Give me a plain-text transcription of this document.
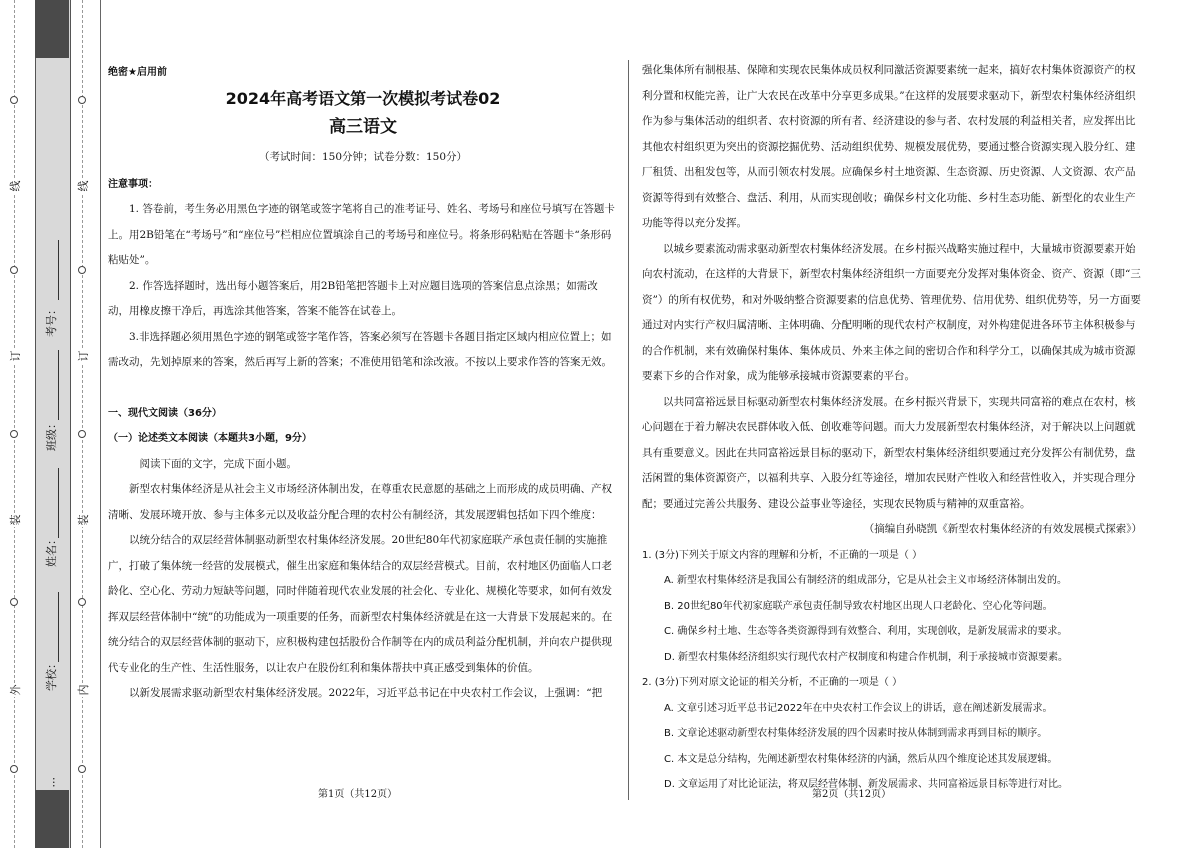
线
订
装
外
线
订
装
内
考号：
班级：
姓名：
学校：
...

绝密★启用前

2024年高考语文第一次模拟考试卷02

高三语文

（考试时间：150分钟；试卷分数：150分）

注意事项：

1. 答卷前，考生务必用黑色字迹的钢笔或签字笔将自己的准考证号、姓名、考场号和座位号填写在答题卡上。用2B铅笔在“考场号”和“座位号”栏相应位置填涂自己的考场号和座位号。将条形码粘贴在答题卡“条形码粘贴处”。

2. 作答选择题时，选出每小题答案后，用2B铅笔把答题卡上对应题目选项的答案信息点涂黑；如需改动，用橡皮擦干净后，再选涂其他答案，答案不能答在试卷上。

3.非选择题必须用黑色字迹的钢笔或签字笔作答，答案必须写在答题卡各题目指定区域内相应位置上；如需改动，先划掉原来的答案，然后再写上新的答案；不准使用铅笔和涂改液。不按以上要求作答的答案无效。

一、现代文阅读（36分）

（一）论述类文本阅读（本题共3小题，9分）

阅读下面的文字，完成下面小题。

新型农村集体经济是从社会主义市场经济体制出发，在尊重农民意愿的基础之上而形成的成员明确、产权清晰、发展环境开放、参与主体多元以及收益分配合理的农村公有制经济，其发展逻辑包括如下四个维度：

以统分结合的双层经营体制驱动新型农村集体经济发展。20世纪80年代初家庭联产承包责任制的实施推广，打破了集体统一经营的发展模式，催生出家庭和集体结合的双层经营模式。目前，农村地区仍面临人口老龄化、空心化、劳动力短缺等问题，同时伴随着现代农业发展的社会化、专业化、规模化等要求，如何有效发挥双层经营体制中“统”的功能成为一项重要的任务，而新型农村集体经济就是在这一大背景下发展起来的。在统分结合的双层经营体制的驱动下，应积极构建包括股份合作制等在内的成员利益分配机制，并向农户提供现代专业化的生产性、生活性服务，以让农户在股份红利和集体帮扶中真正感受到集体的价值。

以新发展需求驱动新型农村集体经济发展。2022年，习近平总书记在中央农村工作会议，上强调：“把

强化集体所有制根基、保障和实现农民集体成员权利同激活资源要素统一起来，搞好农村集体资源资产的权利分置和权能完善，让广大农民在改革中分享更多成果。”在这样的发展要求驱动下，新型农村集体经济组织作为参与集体活动的组织者、农村资源的所有者、经济建设的参与者、农村发展的利益相关者，应发挥出比其他农村组织更为突出的资源挖掘优势、活动组织优势、规模发展优势，要通过整合资源实现入股分红、建厂租赁、出租发包等，从而引领农村发展。应确保乡村土地资源、生态资源、历史资源、人文资源、农产品资源等得到有效整合、盘活、利用，从而实现创收；确保乡村文化功能、乡村生态功能、新型化的农业生产功能等得以充分发挥。

以城乡要素流动需求驱动新型农村集体经济发展。在乡村振兴战略实施过程中，大量城市资源要素开始向农村流动，在这样的大背景下，新型农村集体经济组织一方面要充分发挥对集体资金、资产、资源（即“三资”）的所有权优势，和对外吸纳整合资源要素的信息优势、管理优势、信用优势、组织优势等，另一方面要通过对内实行产权归属清晰、主体明确、分配明晰的现代农村产权制度，对外构建促进各环节主体积极参与的合作机制，来有效确保村集体、集体成员、外来主体之间的密切合作和科学分工，以确保其成为城市资源要素下乡的合作对象，成为能够承接城市资源要素的平台。

以共同富裕远景目标驱动新型农村集体经济发展。在乡村振兴背景下，实现共同富裕的难点在农村，核心问题在于着力解决农民群体收入低、创收难等问题。而大力发展新型农村集体经济，对于解决以上问题就具有重要意义。因此在共同富裕远景目标的驱动下，新型农村集体经济组织要通过充分发挥公有制优势，盘活闲置的集体资源资产，以福利共享、入股分红等途径，增加农民财产性收入和经营性收入，并实现合理分配；要通过完善公共服务、建设公益事业等途径，实现农民物质与精神的双重富裕。

（摘编自孙晓凯《新型农村集体经济的有效发展模式探索》）

1. (3分)下列关于原文内容的理解和分析，不正确的一项是（ ）

A. 新型农村集体经济是我国公有制经济的组成部分，它是从社会主义市场经济体制出发的。

B. 20世纪80年代初家庭联产承包责任制导致农村地区出现人口老龄化、空心化等问题。

C. 确保乡村土地、生态等各类资源得到有效整合、利用，实现创收，是新发展需求的要求。

D. 新型农村集体经济组织实行现代农村产权制度和构建合作机制，利于承接城市资源要素。

2. (3分)下列对原文论证的相关分析，不正确的一项是（ ）

A. 文章引述习近平总书记2022年在中央农村工作会议上的讲话，意在阐述新发展需求。

B. 文章论述驱动新型农村集体经济发展的四个因素时按从体制到需求再到目标的顺序。

C. 本文是总分结构，先阐述新型农村集体经济的内涵，然后从四个维度论述其发展逻辑。

D. 文章运用了对比论证法，将双层经营体制、新发展需求、共同富裕远景目标等进行对比。

第1页（共12页）	第2页（共12页）
